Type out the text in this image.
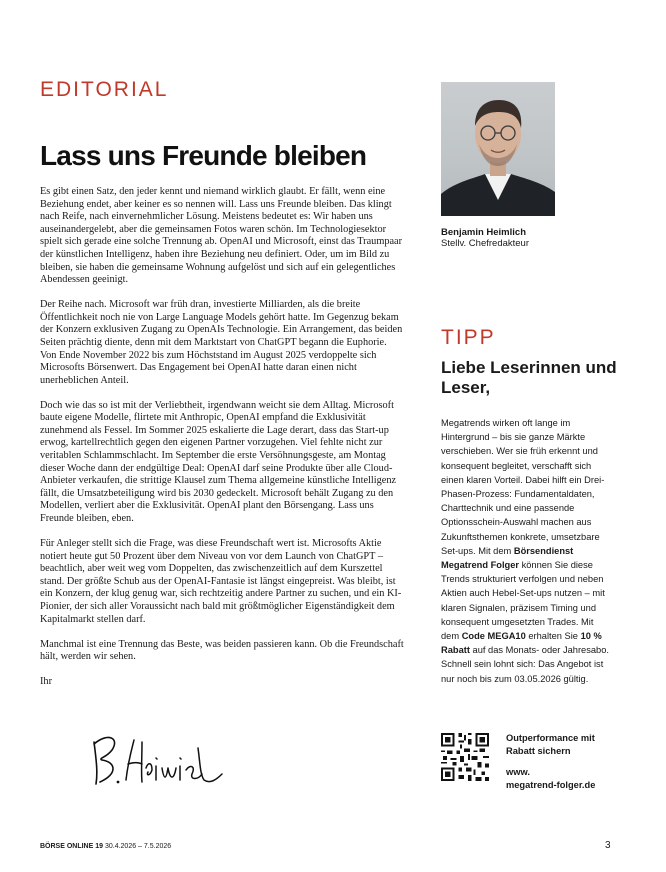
EDITORIAL
Lass uns Freunde bleiben

Es gibt einen Satz, den jeder kennt und niemand wirklich glaubt. Er fällt, wenn eine Beziehung endet, aber keiner es so nennen will. Lass uns Freunde bleiben. Das klingt nach Reife, nach einvernehmlicher Lösung. Meistens bedeutet es: Wir haben uns auseinandergelebt, aber die gemeinsamen Fotos waren schön. Im Technologiesektor spielt sich gerade eine solche Trennung ab. OpenAI und Microsoft, einst das Traumpaar der künstlichen Intelligenz, haben ihre Beziehung neu definiert. Oder, um im Bild zu bleiben, sie haben die gemeinsame Wohnung aufgelöst und sich auf ein gelegentliches Abendessen geeinigt.

Der Reihe nach. Microsoft war früh dran, investierte Milliarden, als die breite Öffentlichkeit noch nie von Large Language Models gehört hatte. Im Gegenzug bekam der Konzern exklusiven Zugang zu OpenAIs Technologie. Ein Arrangement, das beiden Seiten prächtig diente, denn mit dem Marktstart von ChatGPT begann die Euphorie. Von Ende November 2022 bis zum Höchststand im August 2025 verdoppelte sich Microsofts Börsenwert. Das Engagement bei OpenAI hatte daran einen nicht unerheblichen Anteil.

Doch wie das so ist mit der Verliebtheit, irgendwann weicht sie dem Alltag. Microsoft baute eigene Modelle, flirtete mit Anthropic, OpenAI empfand die Exklusivität zunehmend als Fessel. Im Sommer 2025 eskalierte die Lage derart, dass das Start-up erwog, kartellrechtlich gegen den eigenen Partner vorzugehen. Viel fehlte nicht zur veritablen Schlammschlacht. Im September die erste Versöhnungsgeste, am Montag dieser Woche dann der endgültige Deal: OpenAI darf seine Produkte über alle Cloud-Anbieter verkaufen, die strittige Klausel zum Thema allgemeine künstliche Intelligenz fällt, die Umsatzbeteiligung wird bis 2030 gedeckelt. Microsoft behält Zugang zu den Modellen, verliert aber die Exklusivität. OpenAI plant den Börsengang. Lass uns Freunde bleiben, eben.

Für Anleger stellt sich die Frage, was diese Freundschaft wert ist. Microsofts Aktie notiert heute gut 50 Prozent über dem Niveau von vor dem Launch von ChatGPT – beachtlich, aber weit weg vom Doppelten, das zwischenzeitlich auf dem Kurszettel stand. Der größte Schub aus der OpenAI-Fantasie ist längst eingepreist. Was bleibt, ist ein Konzern, der klug genug war, sich rechtzeitig andere Partner zu suchen, und ein KI-Pionier, der sich aller Voraussicht nach bald mit größtmöglicher Eigenständigkeit dem Kapitalmarkt stellen darf.

Manchmal ist eine Trennung das Beste, was beiden passieren kann. Ob die Freundschaft hält, werden wir sehen.

Ihr

Benjamin Heimlich
Stellv. Chefredakteur
TIPP
Liebe Leserinnen und Leser,
Megatrends wirken oft lange im Hintergrund – bis sie ganze Märkte verschieben. Wer sie früh erkennt und konsequent begleitet, verschafft sich einen klaren Vorteil. Dabei hilft ein Drei-Phasen-Prozess: Fundamentaldaten, Charttechnik und eine passende Optionsschein-Auswahl machen aus Zukunftsthemen konkrete, umsetzbare Set-ups. Mit dem Börsendienst Megatrend Folger können Sie diese Trends strukturiert verfolgen und neben Aktien auch Hebel-Set-ups nutzen – mit klaren Signalen, präzisem Timing und konsequent umgesetzten Trades. Mit dem Code MEGA10 erhalten Sie 10 % Rabatt auf das Monats- oder Jahresabo. Schnell sein lohnt sich: Das Angebot ist nur noch bis zum 03.05.2026 gültig.
Outperformance mit
Rabatt sichern
www.
megatrend-folger.de
BÖRSE ONLINE 19 30.4.2026 – 7.5.2026	3
